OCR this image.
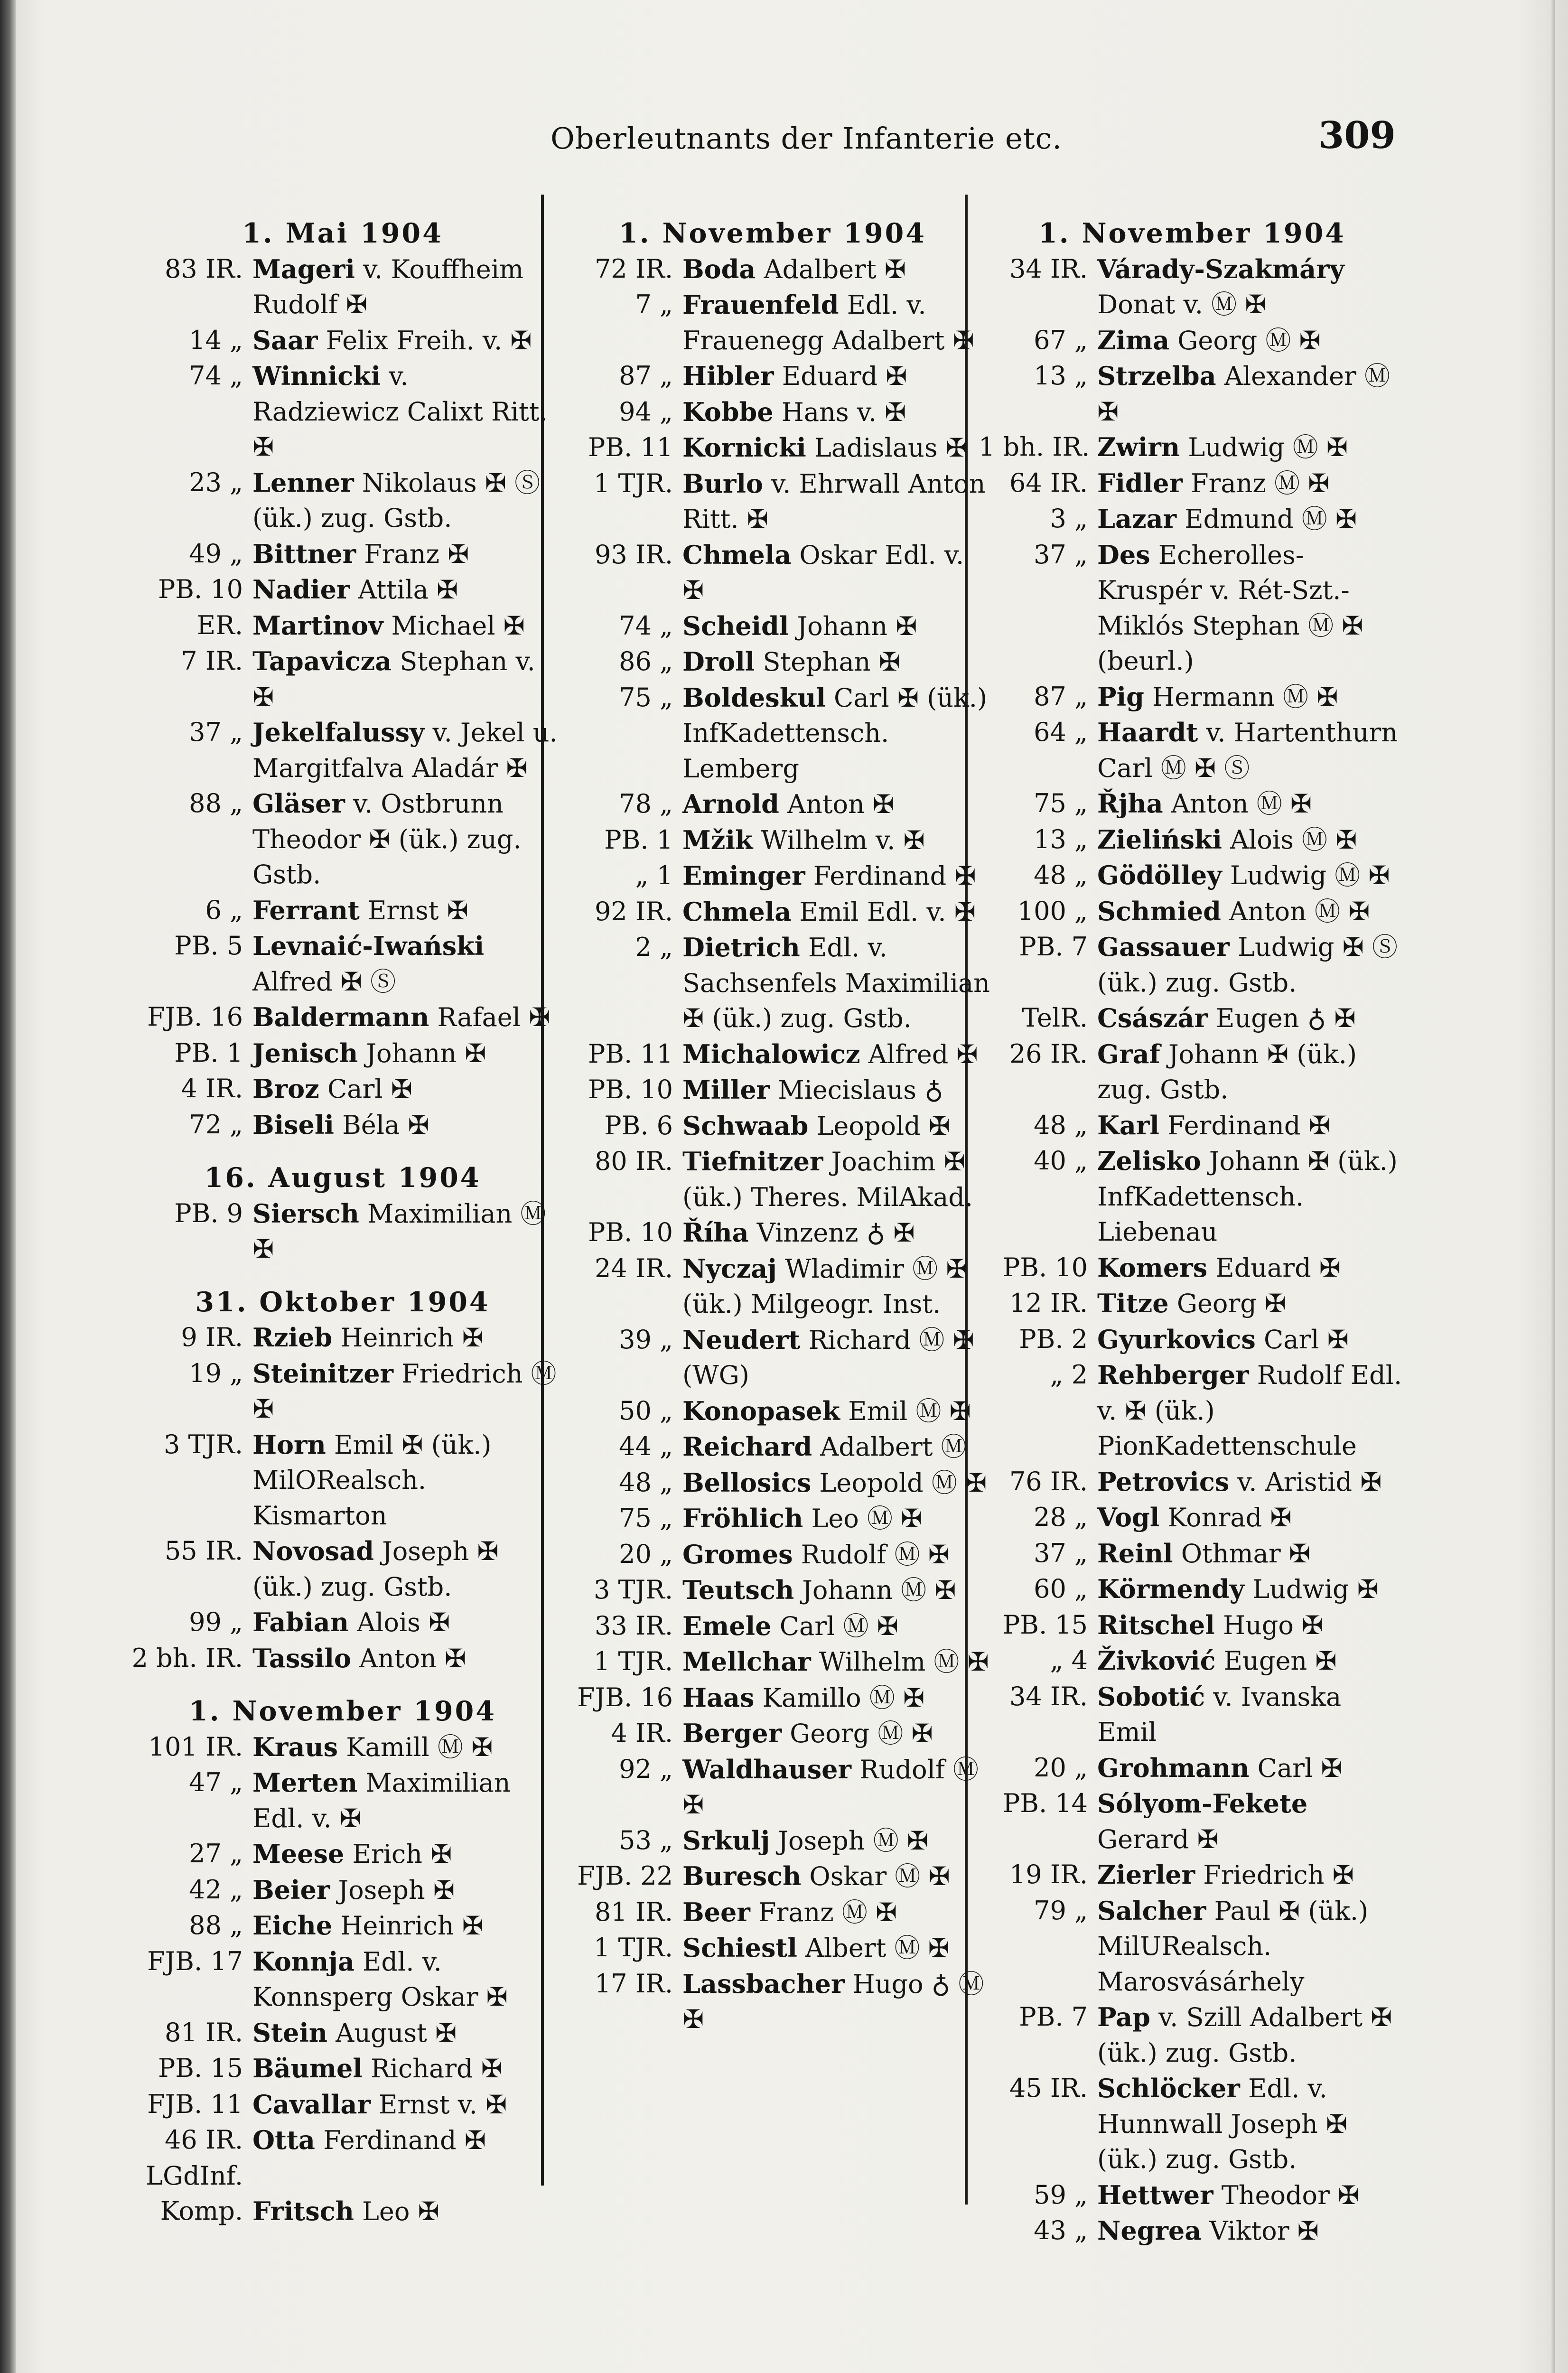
Oberleutnants der Infanterie etc.	309
1. Mai 1904
83 IR. Mageri v. Kouffheim Rudolf ✠
14 „ Saar Felix Freih. v. ✠
74 „ Winnicki v. Radziewicz Calixt Ritt. ✠
23 „ Lenner Nikolaus ✠ Ⓢ (ük.) zug. Gstb.
49 „ Bittner Franz ✠
PB. 10 Nadier Attila ✠
ER. Martinov Michael ✠
7 IR. Tapavicza Stephan v. ✠
37 „ Jekelfalussy v. Jekel u. Margitfalva Aladár ✠
88 „ Gläser v. Ostbrunn Theodor ✠ (ük.) zug. Gstb.
6 „ Ferrant Ernst ✠
PB. 5 Levnaić-Iwański Alfred ✠ Ⓢ
FJB. 16 Baldermann Rafael ✠
PB. 1 Jenisch Johann ✠
4 IR. Broz Carl ✠
72 „ Biseli Béla ✠
16. August 1904
PB. 9 Siersch Maximilian Ⓜ ✠
31. Oktober 1904
9 IR. Rzieb Heinrich ✠
19 „ Steinitzer Friedrich Ⓜ ✠
3 TJR. Horn Emil ✠ (ük.) MilORealsch. Kismarton
55 IR. Novosad Joseph ✠ (ük.) zug. Gstb.
99 „ Fabian Alois ✠
2 bh. IR. Tassilo Anton ✠
1. November 1904
101 IR. Kraus Kamill Ⓜ ✠
47 „ Merten Maximilian Edl. v. ✠
27 „ Meese Erich ✠
42 „ Beier Joseph ✠
88 „ Eiche Heinrich ✠
FJB. 17 Konnja Edl. v. Konnsperg Oskar ✠
81 IR. Stein August ✠
PB. 15 Bäumel Richard ✠
FJB. 11 Cavallar Ernst v. ✠
46 IR. Otta Ferdinand ✠
LGdInf.
Komp. Fritsch Leo ✠
1. November 1904
72 IR. Boda Adalbert ✠
7 „ Frauenfeld Edl. v. Frauenegg Adalbert ✠
87 „ Hibler Eduard ✠
94 „ Kobbe Hans v. ✠
PB. 11 Kornicki Ladislaus ✠
1 TJR. Burlo v. Ehrwall Anton Ritt. ✠
93 IR. Chmela Oskar Edl. v. ✠
74 „ Scheidl Johann ✠
86 „ Droll Stephan ✠
75 „ Boldeskul Carl ✠ (ük.) InfKadettensch. Lemberg
78 „ Arnold Anton ✠
PB. 1 Mžik Wilhelm v. ✠
„ 1 Eminger Ferdinand ✠
92 IR. Chmela Emil Edl. v. ✠
2 „ Dietrich Edl. v. Sachsenfels Maximilian ✠ (ük.) zug. Gstb.
PB. 11 Michalowicz Alfred ✠
PB. 10 Miller Miecislaus ♁
PB. 6 Schwaab Leopold ✠
80 IR. Tiefnitzer Joachim ✠ (ük.) Theres. MilAkad.
PB. 10 Říha Vinzenz ♁ ✠
24 IR. Nyczaj Wladimir Ⓜ ✠ (ük.) Milgeogr. Inst.
39 „ Neudert Richard Ⓜ ✠ (WG)
50 „ Konopasek Emil Ⓜ ✠
44 „ Reichard Adalbert Ⓜ
48 „ Bellosics Leopold Ⓜ ✠
75 „ Fröhlich Leo Ⓜ ✠
20 „ Gromes Rudolf Ⓜ ✠
3 TJR. Teutsch Johann Ⓜ ✠
33 IR. Emele Carl Ⓜ ✠
1 TJR. Mellchar Wilhelm Ⓜ ✠
FJB. 16 Haas Kamillo Ⓜ ✠
4 IR. Berger Georg Ⓜ ✠
92 „ Waldhauser Rudolf Ⓜ ✠
53 „ Srkulj Joseph Ⓜ ✠
FJB. 22 Buresch Oskar Ⓜ ✠
81 IR. Beer Franz Ⓜ ✠
1 TJR. Schiestl Albert Ⓜ ✠
17 IR. Lassbacher Hugo ♁ Ⓜ ✠
1. November 1904
34 IR. Várady-Szakmáry Donat v. Ⓜ ✠
67 „ Zima Georg Ⓜ ✠
13 „ Strzelba Alexander Ⓜ ✠
1 bh. IR. Zwirn Ludwig Ⓜ ✠
64 IR. Fidler Franz Ⓜ ✠
3 „ Lazar Edmund Ⓜ ✠
37 „ Des Echerolles-Kruspér v. Rét-Szt.-Miklós Stephan Ⓜ ✠ (beurl.)
87 „ Pig Hermann Ⓜ ✠
64 „ Haardt v. Hartenthurn Carl Ⓜ ✠ Ⓢ
75 „ Řjha Anton Ⓜ ✠
13 „ Zieliński Alois Ⓜ ✠
48 „ Gödölley Ludwig Ⓜ ✠
100 „ Schmied Anton Ⓜ ✠
PB. 7 Gassauer Ludwig ✠ Ⓢ (ük.) zug. Gstb.
TelR. Császár Eugen ♁ ✠
26 IR. Graf Johann ✠ (ük.) zug. Gstb.
48 „ Karl Ferdinand ✠
40 „ Zelisko Johann ✠ (ük.) InfKadettensch. Liebenau
PB. 10 Komers Eduard ✠
12 IR. Titze Georg ✠
PB. 2 Gyurkovics Carl ✠
„ 2 Rehberger Rudolf Edl. v. ✠ (ük.) PionKadettenschule
76 IR. Petrovics v. Aristid ✠
28 „ Vogl Konrad ✠
37 „ Reinl Othmar ✠
60 „ Körmendy Ludwig ✠
PB. 15 Ritschel Hugo ✠
„ 4 Živković Eugen ✠
34 IR. Sobotić v. Ivanska Emil
20 „ Grohmann Carl ✠
PB. 14 Sólyom-Fekete Gerard ✠
19 IR. Zierler Friedrich ✠
79 „ Salcher Paul ✠ (ük.) MilURealsch. Marosvásárhely
PB. 7 Pap v. Szill Adalbert ✠ (ük.) zug. Gstb.
45 IR. Schlöcker Edl. v. Hunnwall Joseph ✠ (ük.) zug. Gstb.
59 „ Hettwer Theodor ✠
43 „ Negrea Viktor ✠
